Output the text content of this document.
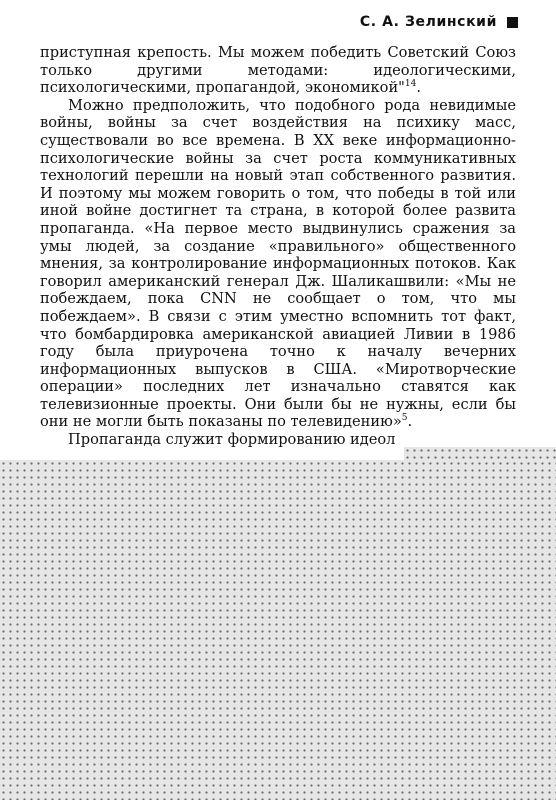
С. А. Зелинский

приступная крепость. Мы можем победить Советский Союз только другими методами: идеологическими, психологическими, пропагандой, экономикой"$^{14}$.

Можно предположить, что подобного рода невидимые войны, войны за счет воздействия на психику масс, существовали во все времена. В XX веке информационно-психологические войны за счет роста коммуникативных технологий перешли на новый этап собственного развития. И поэтому мы можем говорить о том, что победы в той или иной войне достигнет та страна, в которой более развита пропаганда. «На первое место выдвинулись сражения за умы людей, за создание «правильного» общественного мнения, за контролирование информационных потоков. Как говорил американский генерал Дж. Шаликашвили: «Мы не побеждаем, пока CNN не сообщает о том, что мы побеждаем». В связи с этим уместно вспомнить тот факт, что бомбардировка американской авиацией Ливии в 1986 году была приурочена точно к началу вечерних информационных выпусков в США. «Миротворческие операции» последних лет изначально ставятся как телевизионные проекты. Они были бы не нужны, если бы они не могли быть показаны по телевидению»$^5$.

Пропаганда служит формированию идеол
